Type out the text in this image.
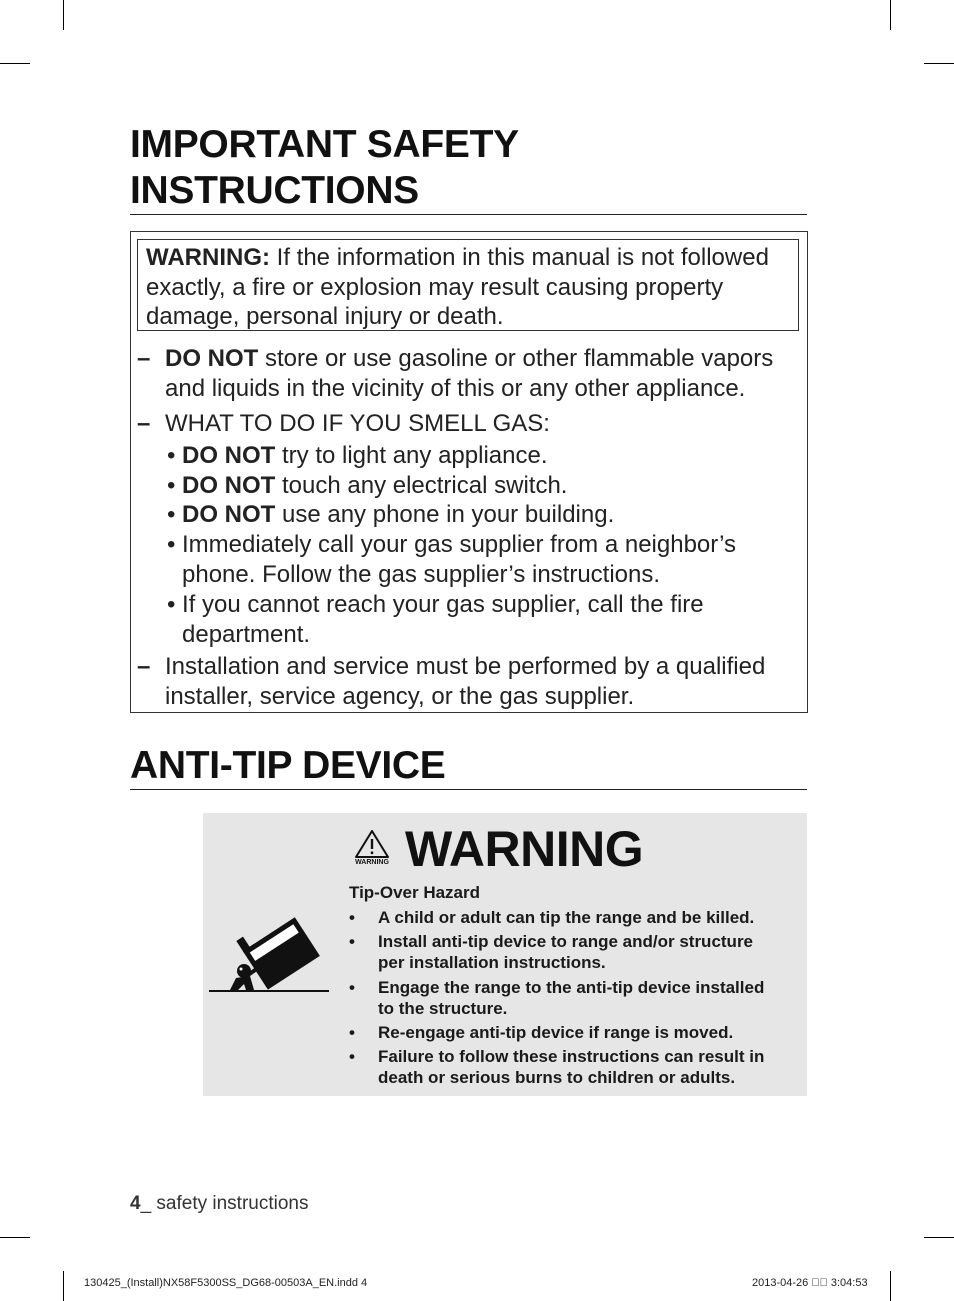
IMPORTANT SAFETY
INSTRUCTIONS
WARNING: If the information in this manual is not followed exactly, a fire or explosion may result causing property damage, personal injury or death.
– DO NOT store or use gasoline or other flammable vapors
and liquids in the vicinity of this or any other appliance.
– WHAT TO DO IF YOU SMELL GAS:
• DO NOT try to light any appliance.
• DO NOT touch any electrical switch.
• DO NOT use any phone in your building.
• Immediately call your gas supplier from a neighbor’s
phone. Follow the gas supplier’s instructions.
• If you cannot reach your gas supplier, call the fire
department.
– Installation and service must be performed by a qualified
installer, service agency, or the gas supplier.
ANTI-TIP DEVICE
WARNING WARNING
Tip-Over Hazard
• A child or adult can tip the range and be killed.
• Install anti-tip device to range and/or structure
per installation instructions.
• Engage the range to the anti-tip device installed
to the structure.
• Re-engage anti-tip device if range is moved.
• Failure to follow these instructions can result in
death or serious burns to children or adults.
4_ safety instructions
130425_(Install)NX58F5300SS_DG68-00503A_EN.indd 4	2013-04-26 ￿￿ 3:04:53
